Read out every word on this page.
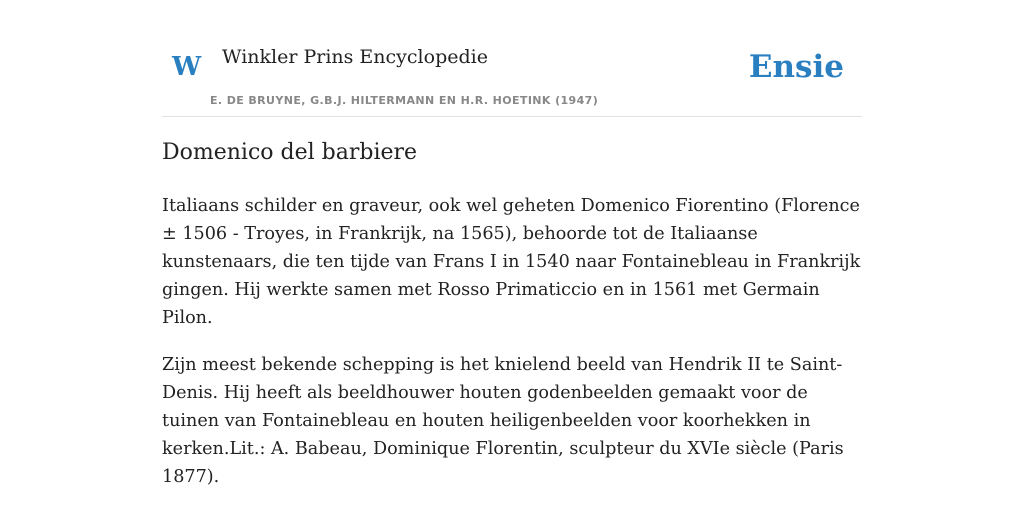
W Winkler Prins Encyclopedie
E. DE BRUYNE, G.B.J. HILTERMANN EN H.R. HOETINK (1947)
Ensie
Domenico del barbiere

Italiaans schilder en graveur, ook wel geheten Domenico Fiorentino (Florence ± 1506 - Troyes, in Frankrijk, na 1565), behoorde tot de Italiaanse kunstenaars, die ten tijde van Frans I in 1540 naar Fontainebleau in Frankrijk gingen. Hij werkte samen met Rosso Primaticcio en in 1561 met Germain Pilon.

Zijn meest bekende schepping is het knielend beeld van Hendrik II te Saint-Denis. Hij heeft als beeldhouwer houten godenbeelden gemaakt voor de tuinen van Fontainebleau en houten heiligenbeelden voor koorhekken in kerken.Lit.: A. Babeau, Dominique Florentin, sculpteur du XVIe siècle (Paris 1877).
